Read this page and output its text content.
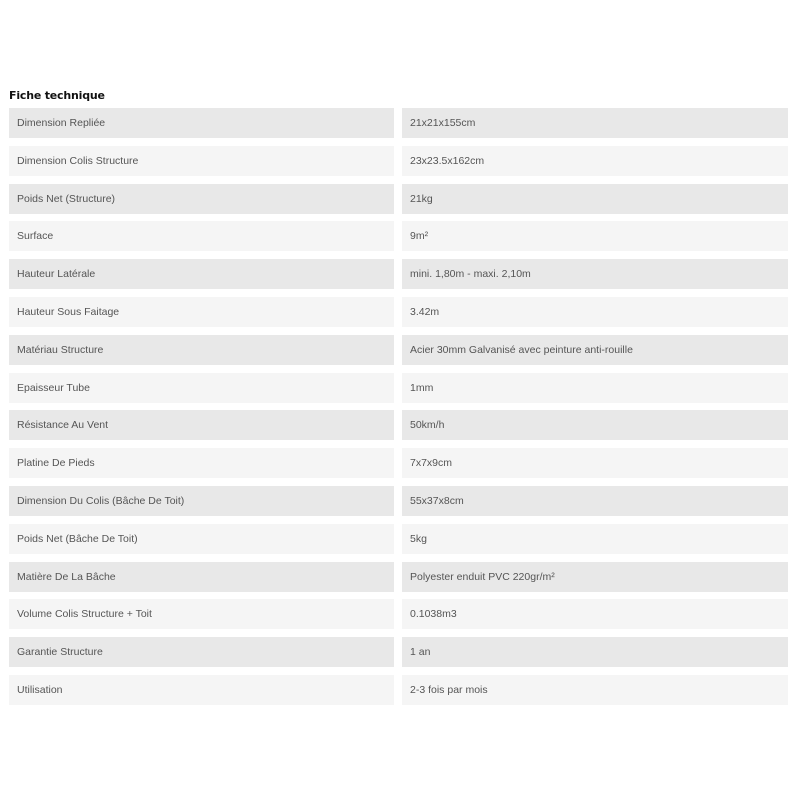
Fiche technique
Dimension Repliée	21x21x155cm
Dimension Colis Structure	23x23.5x162cm
Poids Net (Structure)	21kg
Surface	9m²
Hauteur Latérale	mini. 1,80m - maxi. 2,10m
Hauteur Sous Faitage	3.42m
Matériau Structure	Acier 30mm Galvanisé avec peinture anti-rouille
Epaisseur Tube	1mm
Résistance Au Vent	50km/h
Platine De Pieds	7x7x9cm
Dimension Du Colis (Bâche De Toit)	55x37x8cm
Poids Net (Bâche De Toit)	5kg
Matière De La Bâche	Polyester enduit PVC 220gr/m²
Volume Colis Structure + Toit	0.1038m3
Garantie Structure	1 an
Utilisation	2-3 fois par mois
